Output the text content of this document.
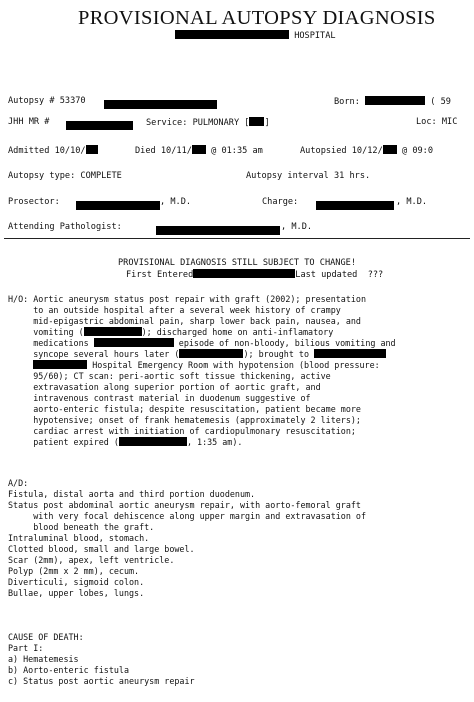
PROVISIONAL AUTOPSY DIAGNOSIS
HOSPITAL
Autopsy # 53370	Born:	( 59
JHH MR #	Service: PULMONARY [ ]	Loc: MIC
Admitted 10/10/	Died 10/11/ @ 01:35 am	Autopsied 10/12/ @ 09:0
Autopsy type: COMPLETE	Autopsy interval 31 hrs.
Prosector:	, M.D.	Charge:	, M.D.
Attending Pathologist:	, M.D.
PROVISIONAL DIAGNOSIS STILL SUBJECT TO CHANGE!
First Entered	Last updated  ???
H/O: Aortic aneurysm status post repair with graft (2002); presentation
to an outside hospital after a several week history of crampy
mid-epigastric abdominal pain, sharp lower back pain, nausea, and
vomiting (	); discharged home on anti-inflamatory
medications	episode of non-bloody, bilious vomiting and
syncope several hours later (	); brought to
Hospital Emergency Room with hypotension (blood pressure:
95/60); CT scan: peri-aortic soft tissue thickening, active
extravasation along superior portion of aortic graft, and
intravenous contrast material in duodenum suggestive of
aorto-enteric fistula; despite resuscitation, patient became more
hypotensive; onset of frank hematemesis (approximately 2 liters);
cardiac arrest with initiation of cardiopulmonary resuscitation;
patient expired (	, 1:35 am).
A/D:
Fistula, distal aorta and third portion duodenum.
Status post abdominal aortic aneurysm repair, with aorto-femoral graft
with very focal dehiscence along upper margin and extravasation of
blood beneath the graft.
Intraluminal blood, stomach.
Clotted blood, small and large bowel.
Scar (2mm), apex, left ventricle.
Polyp (2mm x 2 mm), cecum.
Diverticuli, sigmoid colon.
Bullae, upper lobes, lungs.
CAUSE OF DEATH:
Part I:
a) Hematemesis
b) Aorto-enteric fistula
c) Status post aortic aneurysm repair
